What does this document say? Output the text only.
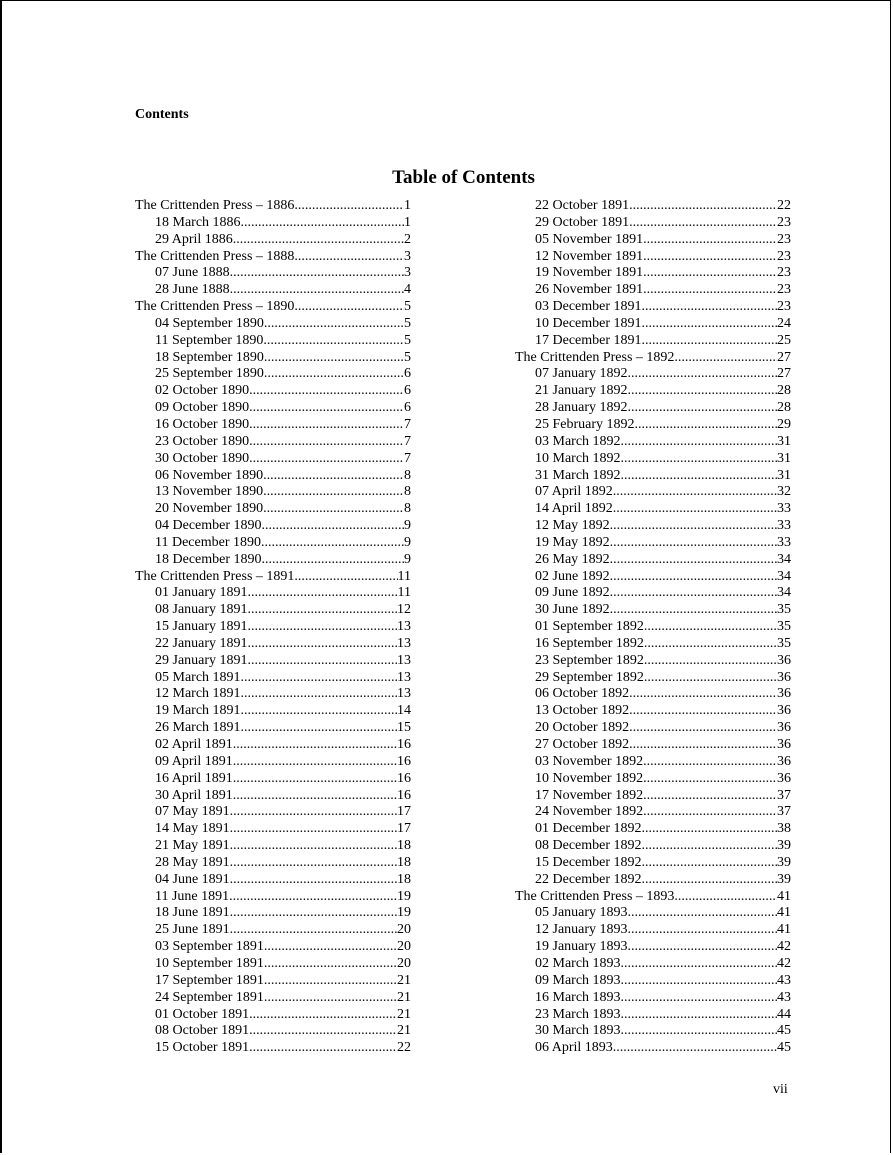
Contents
Table of Contents
The Crittenden Press – 1886 .....	1
18 March 1886 .....	1
29 April 1886 .....	2
The Crittenden Press – 1888 .....	3
07 June 1888 .....	3
28 June 1888 .....	4
The Crittenden Press – 1890 .....	5
04 September 1890 .....	5
11 September 1890 .....	5
18 September 1890 .....	5
25 September 1890 .....	6
02 October 1890 .....	6
09 October 1890 .....	6
16 October 1890 .....	7
23 October 1890 .....	7
30 October 1890 .....	7
06 November 1890 .....	8
13 November 1890 .....	8
20 November 1890 .....	8
04 December 1890 .....	9
11 December 1890 .....	9
18 December 1890 .....	9
The Crittenden Press – 1891 .....	11
01 January 1891 .....	11
08 January 1891 .....	12
15 January 1891 .....	13
22 January 1891 .....	13
29 January 1891 .....	13
05 March 1891 .....	13
12 March 1891 .....	13
19 March 1891 .....	14
26 March 1891 .....	15
02 April 1891 .....	16
09 April 1891 .....	16
16 April 1891 .....	16
30 April 1891 .....	16
07 May 1891 .....	17
14 May 1891 .....	17
21 May 1891 .....	18
28 May 1891 .....	18
04 June 1891 .....	18
11 June 1891 .....	19
18 June 1891 .....	19
25 June 1891 .....	20
03 September 1891 .....	20
10 September 1891 .....	20
17 September 1891 .....	21
24 September 1891 .....	21
01 October 1891 .....	21
08 October 1891 .....	21
15 October 1891 .....	22
22 October 1891 .....	22
29 October 1891 .....	23
05 November 1891 .....	23
12 November 1891 .....	23
19 November 1891 .....	23
26 November 1891 .....	23
03 December 1891 .....	23
10 December 1891 .....	24
17 December 1891 .....	25
The Crittenden Press – 1892 .....	27
07 January 1892 .....	27
21 January 1892 .....	28
28 January 1892 .....	28
25 February 1892 .....	29
03 March 1892 .....	31
10 March 1892 .....	31
31 March 1892 .....	31
07 April 1892 .....	32
14 April 1892 .....	33
12 May 1892 .....	33
19 May 1892 .....	33
26 May 1892 .....	34
02 June 1892 .....	34
09 June 1892 .....	34
30 June 1892 .....	35
01 September 1892 .....	35
16 September 1892 .....	35
23 September 1892 .....	36
29 September 1892 .....	36
06 October 1892 .....	36
13 October 1892 .....	36
20 October 1892 .....	36
27 October 1892 .....	36
03 November 1892 .....	36
10 November 1892 .....	36
17 November 1892 .....	37
24 November 1892 .....	37
01 December 1892 .....	38
08 December 1892 .....	39
15 December 1892 .....	39
22 December 1892 .....	39
The Crittenden Press – 1893 .....	41
05 January 1893 .....	41
12 January 1893 .....	41
19 January 1893 .....	42
02 March 1893 .....	42
09 March 1893 .....	43
16 March 1893 .....	43
23 March 1893 .....	44
30 March 1893 .....	45
06 April 1893 .....	45
vii
